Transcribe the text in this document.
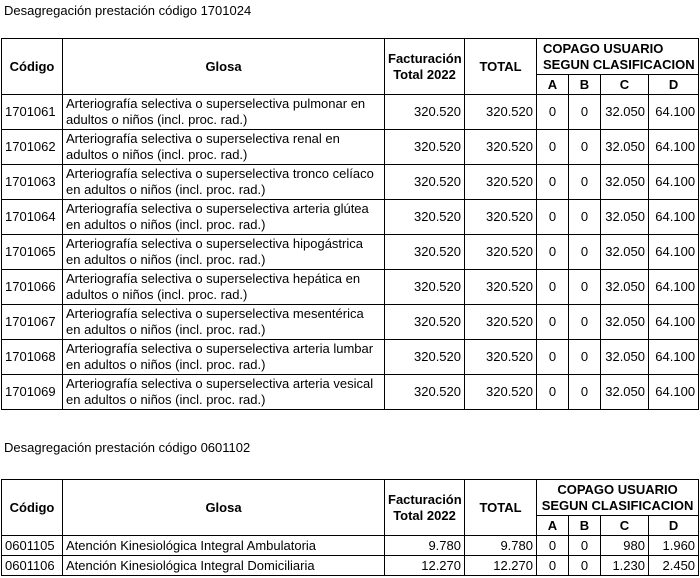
Desagregación prestación código 1701024
Código	Glosa	Facturación Total 2022	TOTAL	COPAGO USUARIO SEGUN CLASIFICACION			
				A	B	C	D
1701061	Arteriografía selectiva o superselectiva pulmonar en adultos o niños (incl. proc. rad.)	320.520	320.520	0	0	32.050	64.100
1701062	Arteriografía selectiva o superselectiva renal en adultos o niños (incl. proc. rad.)	320.520	320.520	0	0	32.050	64.100
1701063	Arteriografía selectiva o superselectiva tronco celíaco en adultos o niños (incl. proc. rad.)	320.520	320.520	0	0	32.050	64.100
1701064	Arteriografía selectiva o superselectiva arteria glútea en adultos o niños (incl. proc. rad.)	320.520	320.520	0	0	32.050	64.100
1701065	Arteriografía selectiva o superselectiva hipogástrica en adultos o niños (incl. proc. rad.)	320.520	320.520	0	0	32.050	64.100
1701066	Arteriografía selectiva o superselectiva hepática en adultos o niños (incl. proc. rad.)	320.520	320.520	0	0	32.050	64.100
1701067	Arteriografía selectiva o superselectiva mesentérica en adultos o niños (incl. proc. rad.)	320.520	320.520	0	0	32.050	64.100
1701068	Arteriografía selectiva o superselectiva arteria lumbar en adultos o niños (incl. proc. rad.)	320.520	320.520	0	0	32.050	64.100
1701069	Arteriografía selectiva o superselectiva arteria vesical en adultos o niños (incl. proc. rad.)	320.520	320.520	0	0	32.050	64.100
Desagregación prestación código 0601102
Código	Glosa	Facturación Total 2022	TOTAL	COPAGO USUARIO SEGUN CLASIFICACION			
				A	B	C	D
0601105	Atención Kinesiológica Integral Ambulatoria	9.780	9.780	0	0	980	1.960
0601106	Atención Kinesiológica Integral Domiciliaria	12.270	12.270	0	0	1.230	2.450
